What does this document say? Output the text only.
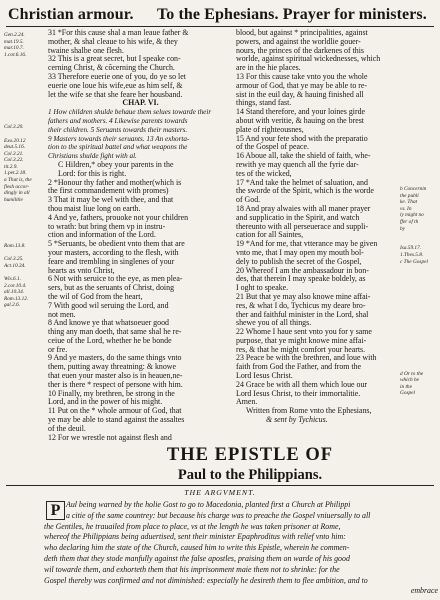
Christian armour. To the Ephesians. Prayer for ministers.
Gen.2.24.
mat.19.5.
mar.10.7.
1.cor.6.16.

Col.3.20.

Exo.20.12
deut.5.16.
Col.3.21.
Col.3.22.
tit.2.9.
1.pet.2.18.
a That is, the
flesh accor-
dingly in all
humilitie

Rom.13.8.

Col.3.25.
Act.10.34.

Wis.6.1.
2.cor.10.4.
all.10.34.
Rom.13.12.
gal.2.6.

31 *For this cause shal a man leaue father &
mother, & shal cleaue to his wife, & they
twaine shalbe one flesh.
32 This is a great secret, but I speake con-
cerning Christ, & cõcerning the Church.
33 Therefore euerie one of you, do ye so let
euerie one loue his wife,eue as him self, &
let the wife se that she feare her housband.
CHAP. VI.
1 How children shulde behaue them selues towarde their
fathers and mothers. 4 Likewise parents towards
their children. 5 Seruants towards their masters.
9 Masters towards their seruants. 13 An exhorta-
tion to the spiritual battel and what weapons the
Christians shulde fight with al.
C Hildren,* obey your parents in the
Lord: for this is right.
2 *Honour thy father and mother(which is
the first commandement with promes)
3 That it may be wel with thee, and that
thou maist liue long on earth.
4 And ye, fathers, prouoke not your children
to wrath: but bring them vp in instru-
ction and information of the Lord.
5 *Seruants, be obedient vnto them that are
your masters, according to the flesh, with
feare and trembling in singlenes of your
hearts as vnto Christ,
6 Not with seruice to the eye, as men plea-
sers, but as the seruants of Christ, doing
the wil of God from the heart,
7 With good wil seruing the Lord, and
not men.
8 And knowe ye that whatsoeuer good
thing any man doeth, that same shal he re-
ceiue of the Lord, whether he be bonde
or fre.
9 And ye masters, do the same things vnto
them, putting away threatning: & knowe
that euen your master also is in heauen,ne-
ther is there * respect of persone with him.
10 Finally, my brethren, be strong in the
Lord, and in the power of his might.
11 Put on the * whole armour of God, that
ye may be able to stand against the assaltes
of the deuil.
12 For we wrestle not against flesh and
blood, but against * principalities, against
powers, and against the worldlie gouer-
nours, the princes of the darkenes of this
worlde, against spiritual wickednesses, which
are in the hie places.
13 For this cause take vnto you the whole
armour of God, that ye may be able to re-
sist in the euil day, & hauing finished all
things, stand fast.
14 Stand therefore, and your loines girde
about with veritie, & hauing on the brest
plate of righteousnes,
15 And your fete shod with the preparatio
of the Gospel of peace.
16 Aboue all, take the shield of faith, whe-
rewith ye may quench all the fyrie dar-
tes of the wicked,
17 *And take the helmet of saluation, and
the sworde of the Spirit, which is the worde
of God.
18 And pray alwaies with all maner prayer
and supplicatio in the Spirit, and watch
thereunto with all perseuerace and suppli-
cation for all Saintes,
19 *And for me, that vtterance may be given
vnto me, that I may open my mouth bol-
dely to publish the secret of the Gospel,
20 Whereof I am the ambassadour in bon-
des, that therein I may speake boldely, as
I oght to speake.
21 But that ye may also knowe mine affai-
res, & what I do, Tychicus my deare bro-
ther and faithful minister in the Lord, shal
shewe you of all things.
22 Whome I haue sent vnto you for y same
purpose, that ye might knowe mine affai-
res, & that he might comfort your hearts.
23 Peace be with the brethren, and loue with
faith from God the Father, and from the
Lord Iesus Christ.
24 Grace be with all them which loue our
Lord Iesus Christ, to their immortalitie.
Amen.
Written from Rome vnto the Ephesians,
& sent by Tychicus.
b Concernin
the publi
ke. That
vs. In
ly might no
ffer of th
by

Isa.59.17.
1.Thes.5.8.
c The Gospel

d Or to the
which he
in the
Gospel

THE EPISTLE OF
Paul to the Philippians.
THE ARGVMENT.
P Aul being warned by the holie Gost to go to Macedonia, planted first a Church at Philippi
a citie of the same countrey: but because his charge was to preache the Gospel vniuersally to all
the Gentiles, he trauailed from place to place, vs at the length he was taken prisoner at Rome,
whereof the Philippians being aduertised, sent their minister Epaphroditus with relief vnto him:
who declaring him the state of the Church, caused him to write this Epistle, wherein he commen-
deth them that they stode manfully against the false apostles, praising them on warde of his good
wil towarde them, and exhorteth them that his imprisonment maie them not to shrinke: for the
Gospel thereby was confirmed and not diminished: especially he desireth them to flee ambition, and to
embrace
